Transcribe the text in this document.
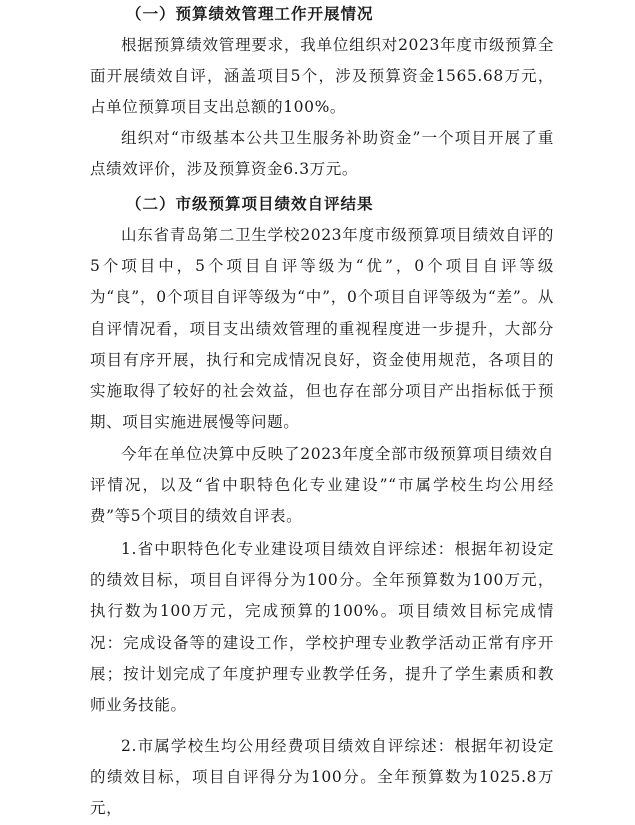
（一）预算绩效管理工作开展情况

根据预算绩效管理要求，我单位组织对2023年度市级预算全面开展绩效自评，涵盖项目5个，涉及预算资金1565.68万元，占单位预算项目支出总额的100%。

组织对“市级基本公共卫生服务补助资金”一个项目开展了重点绩效评价，涉及预算资金6.3万元。

（二）市级预算项目绩效自评结果

山东省青岛第二卫生学校2023年度市级预算项目绩效自评的5个项目中，5个项目自评等级为“优”，0个项目自评等级为“良”，0个项目自评等级为“中”，0个项目自评等级为“差”。从自评情况看，项目支出绩效管理的重视程度进一步提升，大部分项目有序开展，执行和完成情况良好，资金使用规范，各项目的实施取得了较好的社会效益，但也存在部分项目产出指标低于预期、项目实施进展慢等问题。

今年在单位决算中反映了2023年度全部市级预算项目绩效自评情况，以及“省中职特色化专业建设”“市属学校生均公用经费”等5个项目的绩效自评表。

1.省中职特色化专业建设项目绩效自评综述：根据年初设定的绩效目标，项目自评得分为100分。全年预算数为100万元，执行数为100万元，完成预算的100%。项目绩效目标完成情况：完成设备等的建设工作，学校护理专业教学活动正常有序开展；按计划完成了年度护理专业教学任务，提升了学生素质和教师业务技能。

2.市属学校生均公用经费项目绩效自评综述：根据年初设定的绩效目标，项目自评得分为100分。全年预算数为1025.8万元，
